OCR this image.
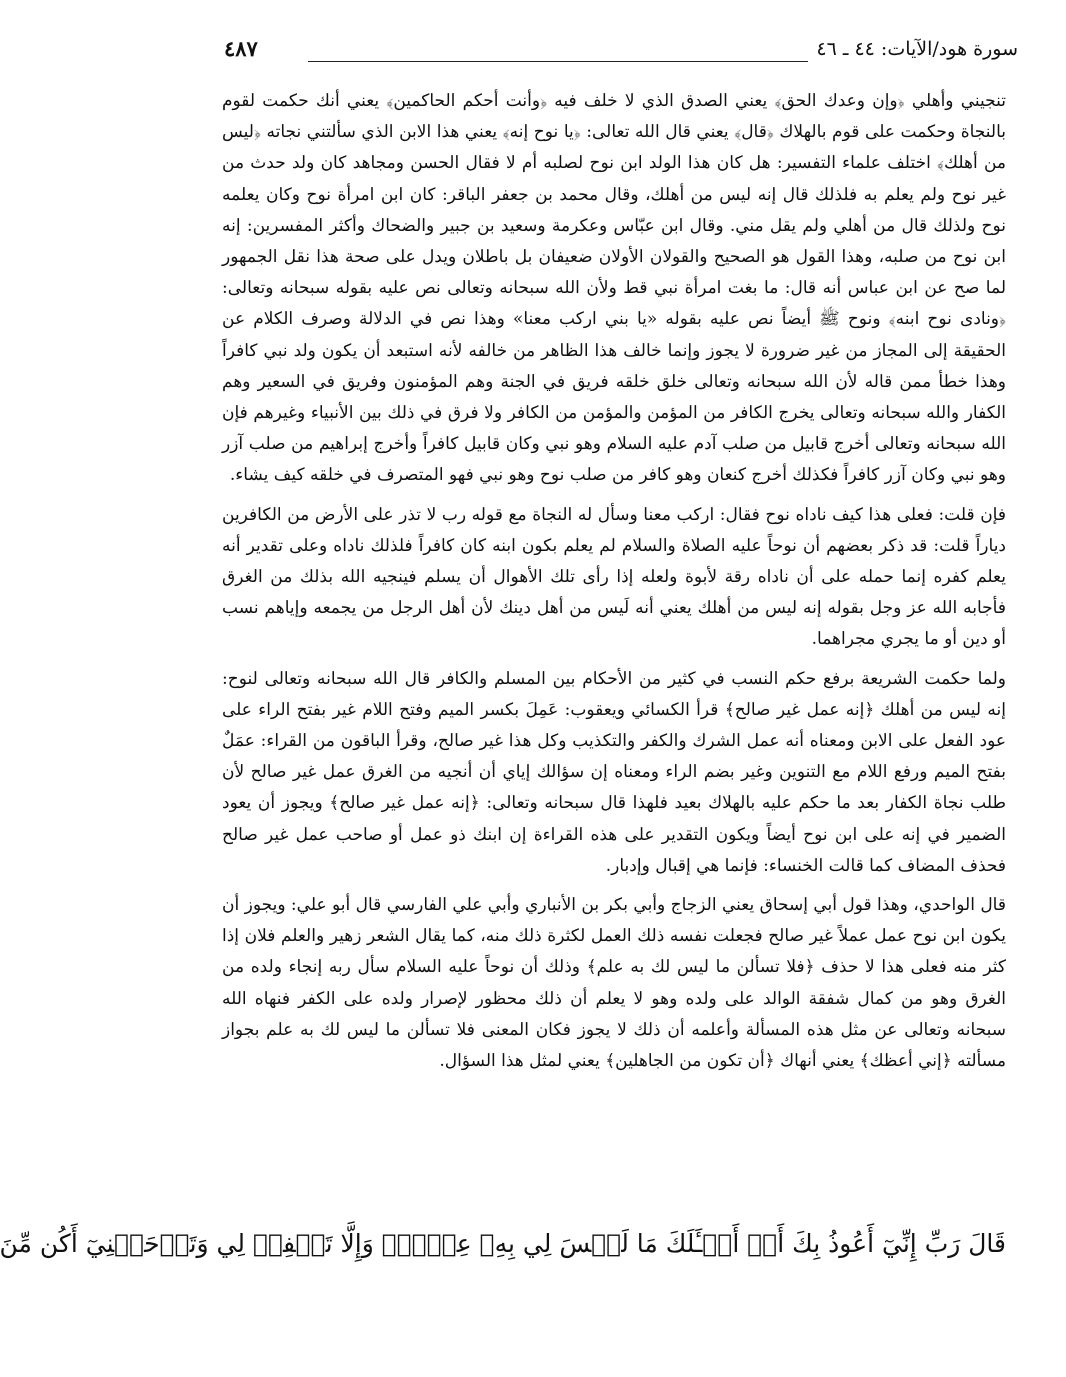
سورة هود/الآيات: ٤٤ ـ ٤٦
٤٨٧

تنجيني وأهلي ﴿وإن وعدك الحق﴾ يعني الصدق الذي لا خلف فيه ﴿وأنت أحكم الحاكمين﴾ يعني أنك حكمت لقوم بالنجاة وحكمت على قوم بالهلاك ﴿قال﴾ يعني قال الله تعالى: ﴿يا نوح إنه﴾ يعني هذا الابن الذي سألتني نجاته ﴿ليس من أهلك﴾ اختلف علماء التفسير: هل كان هذا الولد ابن نوح لصلبه أم لا فقال الحسن ومجاهد كان ولد حدث من غير نوح ولم يعلم به فلذلك قال إنه ليس من أهلك، وقال محمد بن جعفر الباقر: كان ابن امرأة نوح وكان يعلمه نوح ولذلك قال من أهلي ولم يقل مني. وقال ابن عبّاس وعكرمة وسعيد بن جبير والضحاك وأكثر المفسرين: إنه ابن نوح من صلبه، وهذا القول هو الصحيح والقولان الأولان ضعيفان بل باطلان ويدل على صحة هذا نقل الجمهور لما صح عن ابن عباس أنه قال: ما بغت امرأة نبي قط ولأن الله سبحانه وتعالى نص عليه بقوله سبحانه وتعالى: ﴿ونادى نوح ابنه﴾ ونوح ﷺ أيضاً نص عليه بقوله «يا بني اركب معنا» وهذا نص في الدلالة وصرف الكلام عن الحقيقة إلى المجاز من غير ضرورة لا يجوز وإنما خالف هذا الظاهر من خالفه لأنه استبعد أن يكون ولد نبي كافراً وهذا خطأ ممن قاله لأن الله سبحانه وتعالى خلق خلقه فريق في الجنة وهم المؤمنون وفريق في السعير وهم الكفار والله سبحانه وتعالى يخرج الكافر من المؤمن والمؤمن من الكافر ولا فرق في ذلك بين الأنبياء وغيرهم فإن الله سبحانه وتعالى أخرج قابيل من صلب آدم عليه السلام وهو نبي وكان قابيل كافراً وأخرج إبراهيم من صلب آزر وهو نبي وكان آزر كافراً فكذلك أخرج كنعان وهو كافر من صلب نوح وهو نبي فهو المتصرف في خلقه كيف يشاء.

فإن قلت: فعلى هذا كيف ناداه نوح فقال: اركب معنا وسأل له النجاة مع قوله رب لا تذر على الأرض من الكافرين دياراً قلت: قد ذكر بعضهم أن نوحاً عليه الصلاة والسلام لم يعلم بكون ابنه كان كافراً فلذلك ناداه وعلى تقدير أنه يعلم كفره إنما حمله على أن ناداه رقة لأبوة ولعله إذا رأى تلك الأهوال أن يسلم فينجيه الله بذلك من الغرق فأجابه الله عز وجل بقوله إنه ليس من أهلك يعني أنه لَيس من أهل دينك لأن أهل الرجل من يجمعه وإياهم نسب أو دين أو ما يجري مجراهما.

ولما حكمت الشريعة برفع حكم النسب في كثير من الأحكام بين المسلم والكافر قال الله سبحانه وتعالى لنوح: إنه ليس من أهلك ﴿إنه عمل غير صالح﴾ قرأ الكسائي ويعقوب: عَمِلَ بكسر الميم وفتح اللام غير بفتح الراء على عود الفعل على الابن ومعناه أنه عمل الشرك والكفر والتكذيب وكل هذا غير صالح، وقرأ الباقون من القراء: عمَلٌ بفتح الميم ورفع اللام مع التنوين وغير بضم الراء ومعناه إن سؤالك إياي أن أنجيه من الغرق عمل غير صالح لأن طلب نجاة الكفار بعد ما حكم عليه بالهلاك بعيد فلهذا قال سبحانه وتعالى: ﴿إنه عمل غير صالح﴾ ويجوز أن يعود الضمير في إنه على ابن نوح أيضاً ويكون التقدير على هذه القراءة إن ابنك ذو عمل أو صاحب عمل غير صالح فحذف المضاف كما قالت الخنساء: فإنما هي إقبال وإدبار.

قال الواحدي، وهذا قول أبي إسحاق يعني الزجاج وأبي بكر بن الأنباري وأبي علي الفارسي قال أبو علي: ويجوز أن يكون ابن نوح عمل عملاً غير صالح فجعلت نفسه ذلك العمل لكثرة ذلك منه، كما يقال الشعر زهير والعلم فلان إذا كثر منه فعلى هذا لا حذف ﴿فلا تسألن ما ليس لك به علم﴾ وذلك أن نوحاً عليه السلام سأل ربه إنجاء ولده من الغرق وهو من كمال شفقة الوالد على ولده وهو لا يعلم أن ذلك محظور لإصرار ولده على الكفر فنهاه الله سبحانه وتعالى عن مثل هذه المسألة وأعلمه أن ذلك لا يجوز فكان المعنى فلا تسألن ما ليس لك به علم بجواز مسألته ﴿إني أعظك﴾ يعني أنهاك ﴿أن تكون من الجاهلين﴾ يعني لمثل هذا السؤال.

قَالَ رَبِّ إِنِّيٓ أَعُوذُ بِكَ أَنۡ أَسۡـَٔلَكَ مَا لَيۡسَ لِي بِهِۦ عِلۡمٞۖ وَإِلَّا تَغۡفِرۡ لِي وَتَرۡحَمۡنِيٓ أَكُن مِّنَ
